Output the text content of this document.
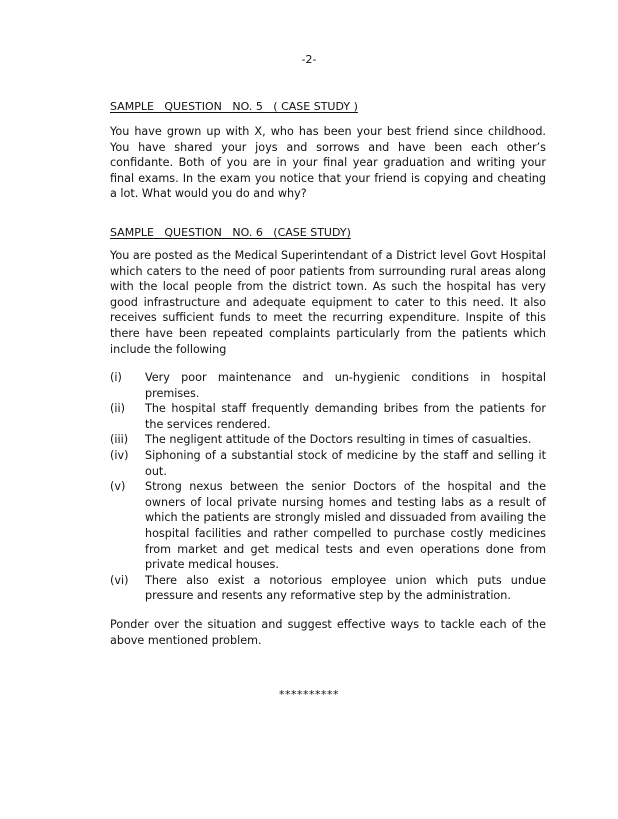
-2-
SAMPLE   QUESTION   NO. 5   ( CASE STUDY )
You have grown up with X, who has been your best friend since childhood. You have shared your joys and sorrows and have been each other’s confidante. Both of you are in your final year graduation and writing your final exams. In the exam you notice that your friend is copying and cheating a lot. What would you do and why?
SAMPLE   QUESTION   NO. 6   (CASE STUDY)
You are posted as the Medical Superintendant of a District level Govt Hospital which caters to the need of poor patients from surrounding rural areas along with the local people from the district town. As such the hospital has very good infrastructure and adequate equipment to cater to this need. It also receives sufficient funds to meet the recurring expenditure. Inspite of this there have been repeated complaints particularly from the patients which include the following
(i) Very poor maintenance and un-hygienic conditions in hospital premises.
(ii) The hospital staff frequently demanding bribes from the patients for the services rendered.
(iii) The negligent attitude of the Doctors resulting in times of casualties.
(iv) Siphoning of a substantial stock of medicine by the staff and selling it out.
(v) Strong nexus between the senior Doctors of the hospital and the owners of local private nursing homes and testing labs as a result of which the patients are strongly misled and dissuaded from availing the hospital facilities and rather compelled to purchase costly medicines from market and get medical tests and even operations done from private medical houses.
(vi) There also exist a notorious employee union which puts undue pressure and resents any reformative step by the administration.
Ponder over the situation and suggest effective ways to tackle each of the above mentioned problem.
**********
